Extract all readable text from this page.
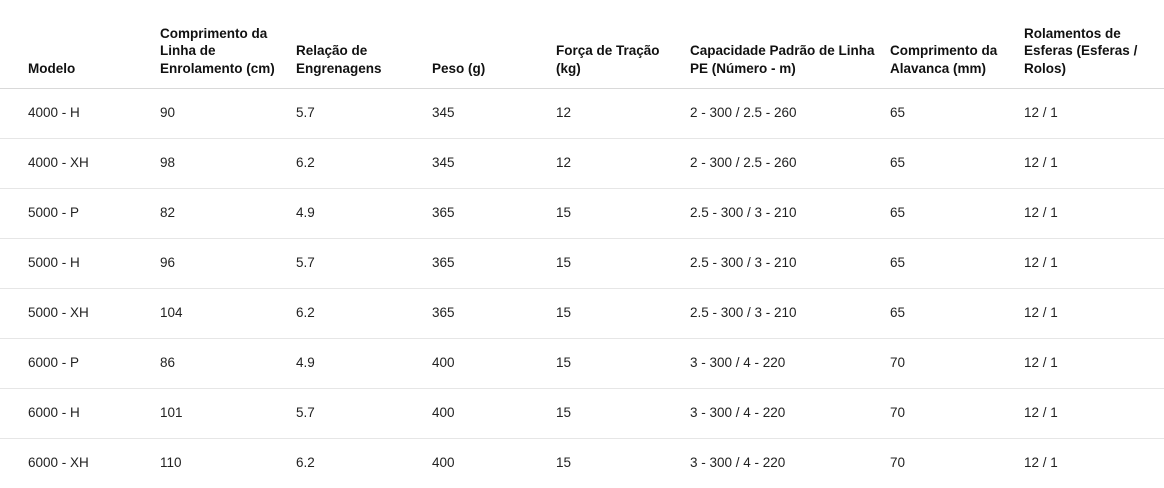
Modelo	Comprimento da Linha de Enrolamento (cm)	Relação de Engrenagens	Peso (g)	Força de Tração (kg)	Capacidade Padrão de Linha PE (Número - m)	Comprimento da Alavanca (mm)	Rolamentos de Esferas (Esferas / Rolos)

4000 - H	90	5.7	345	12	2 - 300 / 2.5 - 260	65	12 / 1
4000 - XH	98	6.2	345	12	2 - 300 / 2.5 - 260	65	12 / 1
5000 - P	82	4.9	365	15	2.5 - 300 / 3 - 210	65	12 / 1
5000 - H	96	5.7	365	15	2.5 - 300 / 3 - 210	65	12 / 1
5000 - XH	104	6.2	365	15	2.5 - 300 / 3 - 210	65	12 / 1
6000 - P	86	4.9	400	15	3 - 300 / 4 - 220	70	12 / 1
6000 - H	101	5.7	400	15	3 - 300 / 4 - 220	70	12 / 1
6000 - XH	110	6.2	400	15	3 - 300 / 4 - 220	70	12 / 1
